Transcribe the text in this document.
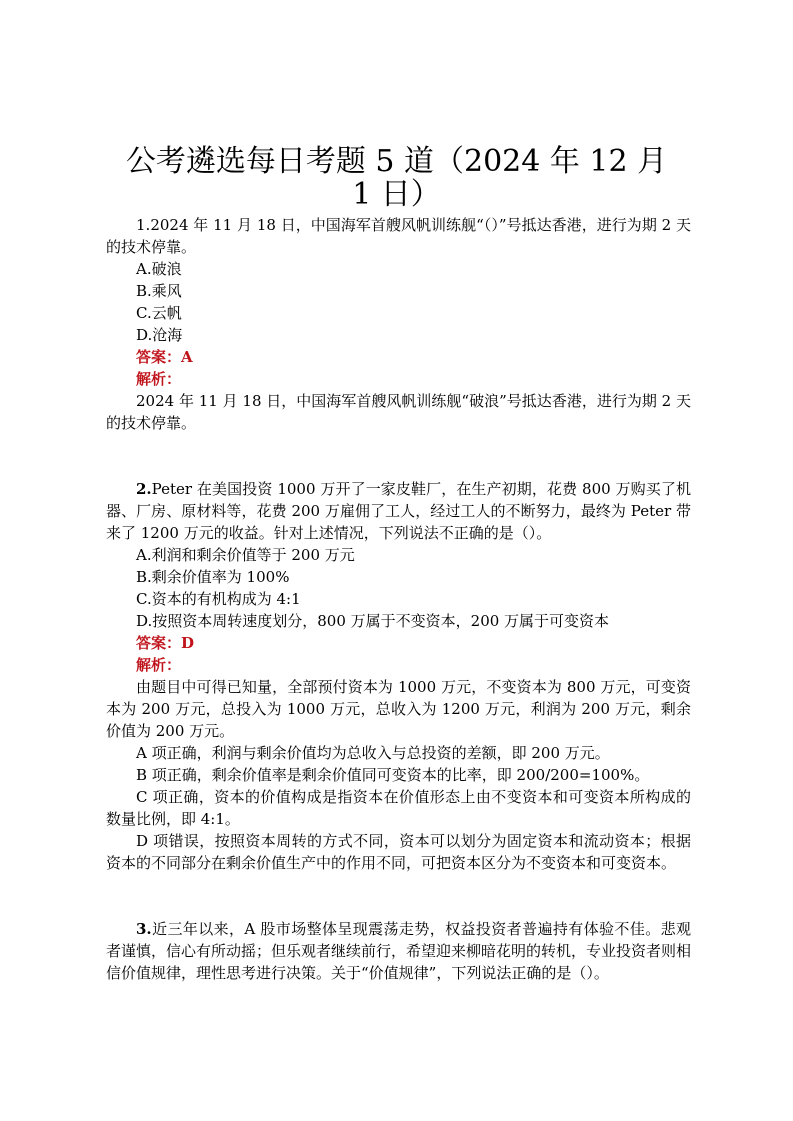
公考遴选每日考题 5 道（2024 年 12 月 1 日）

1.2024 年 11 月 18 日，中国海军首艘风帆训练舰“（）”号抵达香港，进行为期 2 天的技术停靠。

A.破浪

B.乘风

C.云帆

D.沧海

答案：A

解析：

2024 年 11 月 18 日，中国海军首艘风帆训练舰“破浪”号抵达香港，进行为期 2 天的技术停靠。

2.Peter 在美国投资 1000 万开了一家皮鞋厂，在生产初期，花费 800 万购买了机器、厂房、原材料等，花费 200 万雇佣了工人，经过工人的不断努力，最终为 Peter 带来了 1200 万元的收益。针对上述情况，下列说法不正确的是（）。

A.利润和剩余价值等于 200 万元

B.剩余价值率为 100%

C.资本的有机构成为 4:1

D.按照资本周转速度划分，800 万属于不变资本，200 万属于可变资本

答案：D

解析：

由题目中可得已知量，全部预付资本为 1000 万元，不变资本为 800 万元，可变资本为 200 万元，总投入为 1000 万元，总收入为 1200 万元，利润为 200 万元，剩余价值为 200 万元。

A 项正确，利润与剩余价值均为总收入与总投资的差额，即 200 万元。

B 项正确，剩余价值率是剩余价值同可变资本的比率，即 200/200=100%。

C 项正确，资本的价值构成是指资本在价值形态上由不变资本和可变资本所构成的数量比例，即 4:1。

D 项错误，按照资本周转的方式不同，资本可以划分为固定资本和流动资本；根据资本的不同部分在剩余价值生产中的作用不同，可把资本区分为不变资本和可变资本。

3.近三年以来，A 股市场整体呈现震荡走势，权益投资者普遍持有体验不佳。悲观者谨慎，信心有所动摇；但乐观者继续前行，希望迎来柳暗花明的转机，专业投资者则相信价值规律，理性思考进行决策。关于“价值规律”，下列说法正确的是（）。
